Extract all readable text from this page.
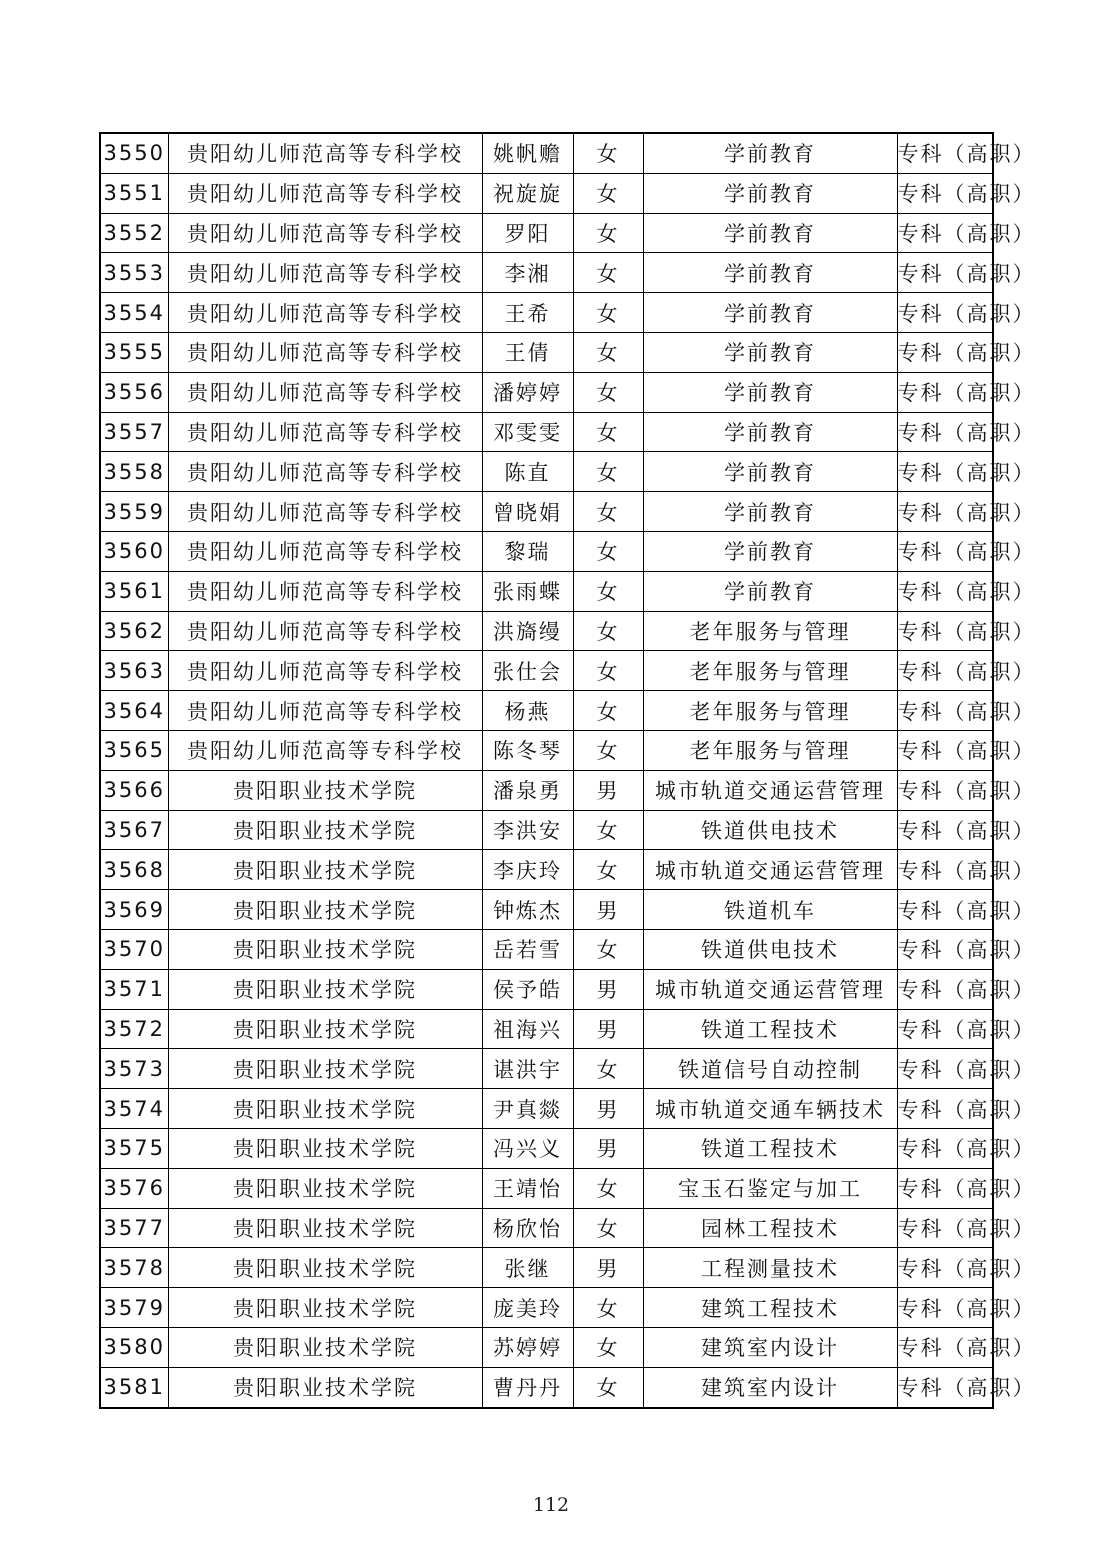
3550	贵阳幼儿师范高等专科学校	姚帆赡	女	学前教育	专科（高职）
3551	贵阳幼儿师范高等专科学校	祝旋旋	女	学前教育	专科（高职）
3552	贵阳幼儿师范高等专科学校	罗阳	女	学前教育	专科（高职）
3553	贵阳幼儿师范高等专科学校	李湘	女	学前教育	专科（高职）
3554	贵阳幼儿师范高等专科学校	王希	女	学前教育	专科（高职）
3555	贵阳幼儿师范高等专科学校	王倩	女	学前教育	专科（高职）
3556	贵阳幼儿师范高等专科学校	潘婷婷	女	学前教育	专科（高职）
3557	贵阳幼儿师范高等专科学校	邓雯雯	女	学前教育	专科（高职）
3558	贵阳幼儿师范高等专科学校	陈直	女	学前教育	专科（高职）
3559	贵阳幼儿师范高等专科学校	曾晓娟	女	学前教育	专科（高职）
3560	贵阳幼儿师范高等专科学校	黎瑞	女	学前教育	专科（高职）
3561	贵阳幼儿师范高等专科学校	张雨蝶	女	学前教育	专科（高职）
3562	贵阳幼儿师范高等专科学校	洪旖缦	女	老年服务与管理	专科（高职）
3563	贵阳幼儿师范高等专科学校	张仕会	女	老年服务与管理	专科（高职）
3564	贵阳幼儿师范高等专科学校	杨燕	女	老年服务与管理	专科（高职）
3565	贵阳幼儿师范高等专科学校	陈冬琴	女	老年服务与管理	专科（高职）
3566	贵阳职业技术学院	潘泉勇	男	城市轨道交通运营管理	专科（高职）
3567	贵阳职业技术学院	李洪安	女	铁道供电技术	专科（高职）
3568	贵阳职业技术学院	李庆玲	女	城市轨道交通运营管理	专科（高职）
3569	贵阳职业技术学院	钟炼杰	男	铁道机车	专科（高职）
3570	贵阳职业技术学院	岳若雪	女	铁道供电技术	专科（高职）
3571	贵阳职业技术学院	侯予皓	男	城市轨道交通运营管理	专科（高职）
3572	贵阳职业技术学院	祖海兴	男	铁道工程技术	专科（高职）
3573	贵阳职业技术学院	谌洪宇	女	铁道信号自动控制	专科（高职）
3574	贵阳职业技术学院	尹真燚	男	城市轨道交通车辆技术	专科（高职）
3575	贵阳职业技术学院	冯兴义	男	铁道工程技术	专科（高职）
3576	贵阳职业技术学院	王靖怡	女	宝玉石鉴定与加工	专科（高职）
3577	贵阳职业技术学院	杨欣怡	女	园林工程技术	专科（高职）
3578	贵阳职业技术学院	张继	男	工程测量技术	专科（高职）
3579	贵阳职业技术学院	庞美玲	女	建筑工程技术	专科（高职）
3580	贵阳职业技术学院	苏婷婷	女	建筑室内设计	专科（高职）
3581	贵阳职业技术学院	曹丹丹	女	建筑室内设计	专科（高职）
112
